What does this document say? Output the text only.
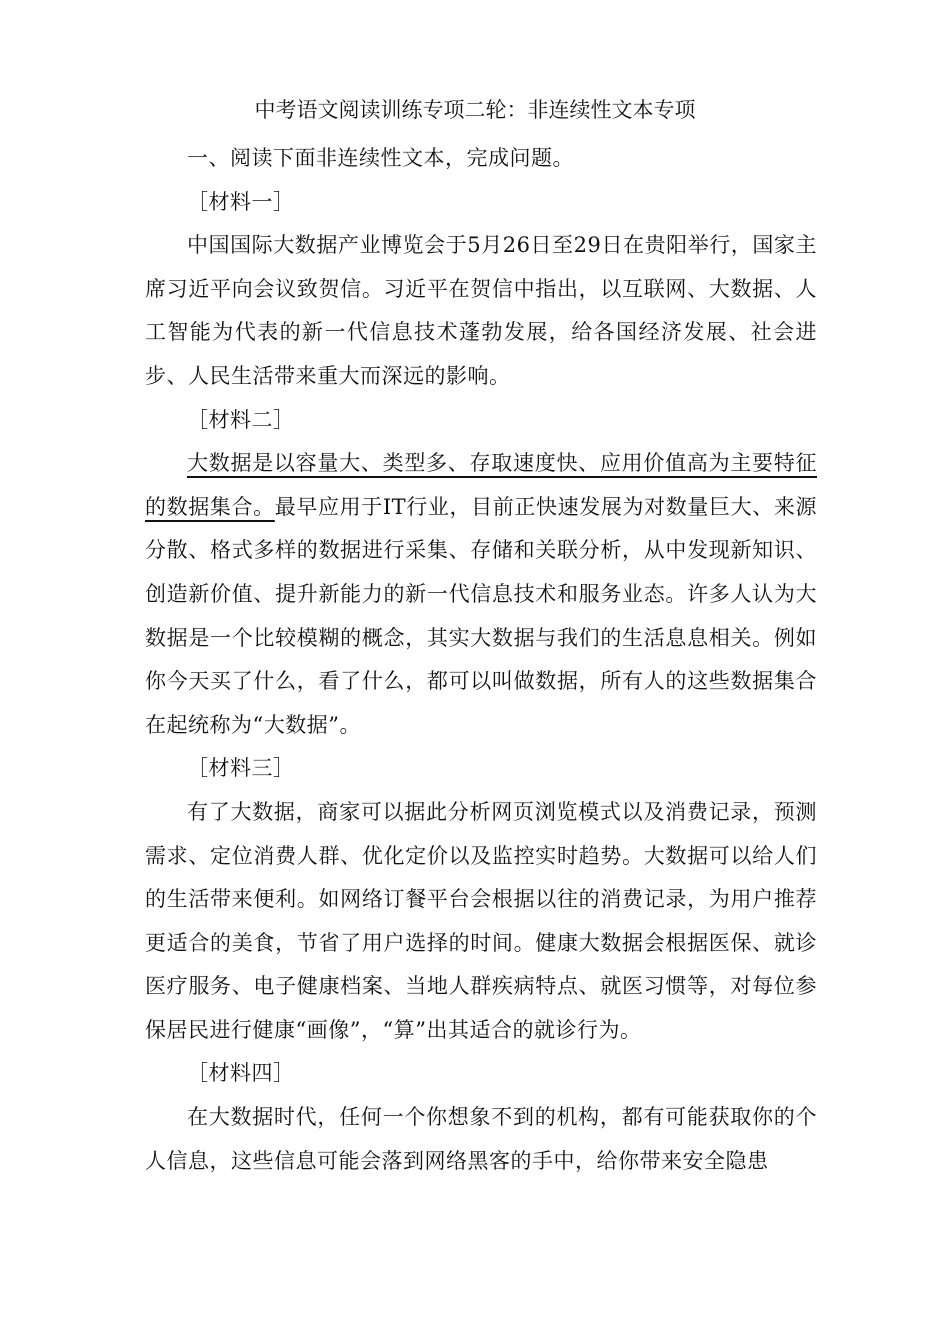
中考语文阅读训练专项二轮：非连续性文本专项

一、阅读下面非连续性文本，完成问题。

［材料一］

中国国际大数据产业博览会于5月26日至29日在贵阳举行，国家主席习近平向会议致贺信。习近平在贺信中指出，以互联网、大数据、人工智能为代表的新一代信息技术蓬勃发展，给各国经济发展、社会进步、人民生活带来重大而深远的影响。

［材料二］

大数据是以容量大、类型多、存取速度快、应用价值高为主要特征的数据集合。最早应用于IT行业，目前正快速发展为对数量巨大、来源分散、格式多样的数据进行采集、存储和关联分析，从中发现新知识、创造新价值、提升新能力的新一代信息技术和服务业态。许多人认为大数据是一个比较模糊的概念，其实大数据与我们的生活息息相关。例如你今天买了什么，看了什么，都可以叫做数据，所有人的这些数据集合在起统称为“大数据”。

［材料三］

有了大数据，商家可以据此分析网页浏览模式以及消费记录，预测需求、定位消费人群、优化定价以及监控实时趋势。大数据可以给人们的生活带来便利。如网络订餐平台会根据以往的消费记录，为用户推荐更适合的美食，节省了用户选择的时间。健康大数据会根据医保、就诊医疗服务、电子健康档案、当地人群疾病特点、就医习惯等，对每位参保居民进行健康“画像”，“算”出其适合的就诊行为。

［材料四］

在大数据时代，任何一个你想象不到的机构，都有可能获取你的个人信息，这些信息可能会落到网络黑客的手中，给你带来安全隐患
